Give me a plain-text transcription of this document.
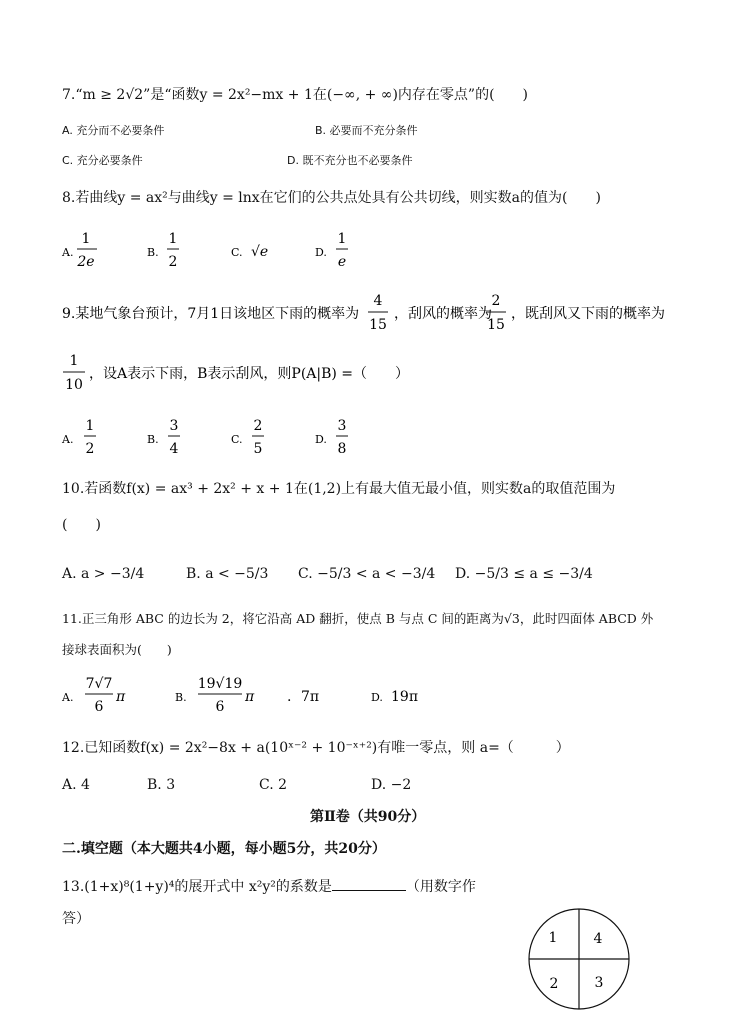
7.“m ≥ 2√2”是“函数y = 2x²−mx + 1在(−∞, + ∞)内存在零点”的(　　)
A. 充分而不必要条件	B. 必要而不充分条件
C. 充分必要条件	D. 既不充分也不必要条件
8.若曲线y = ax²与曲线y = lnx在它们的公共点处具有公共切线，则实数a的值为(　　)
A.
1
2e
B.
1
2
C. √e	D.
1
e
9.某地气象台预计，7月1日该地区下雨的概率为
4
15
，刮风的概率为
2
15
，既刮风又下雨的概率为
1
10
，设A表示下雨，B表示刮风，则P(A|B) =（　　）
A.
1
2
B.
3
4
C.
2
5
D.
3
8
10.若函数f(x) = ax³ + 2x² + x + 1在(1,2)上有最大值无最小值，则实数a的取值范围为
(　　)
A. a > −3/4	B. a < −5/3 C. −5/3 < a < −3/4 D. −5/3 ≤ a ≤ −3/4
11.正三角形 ABC 的边长为 2，将它沿高 AD 翻折，使点 B 与点 C 间的距离为√3，此时四面体 ABCD 外
接球表面积为(　　)
A.
7√7
6
π	B.
19√19
6
π . 7π	D. 19π
12.已知函数f(x) = 2x²−8x + a(10ˣ⁻² + 10⁻ˣ⁺²)有唯一零点，则 a=（　　　）
A. 4	B. 3	C. 2	D. −2
第Ⅱ卷（共90分）
二.填空题（本大题共4小题，每小题5分，共20分）
13.(1+x)⁸(1+y)⁴的展开式中 x²y²的系数是	（用数字作
答）
1	4
2	3
